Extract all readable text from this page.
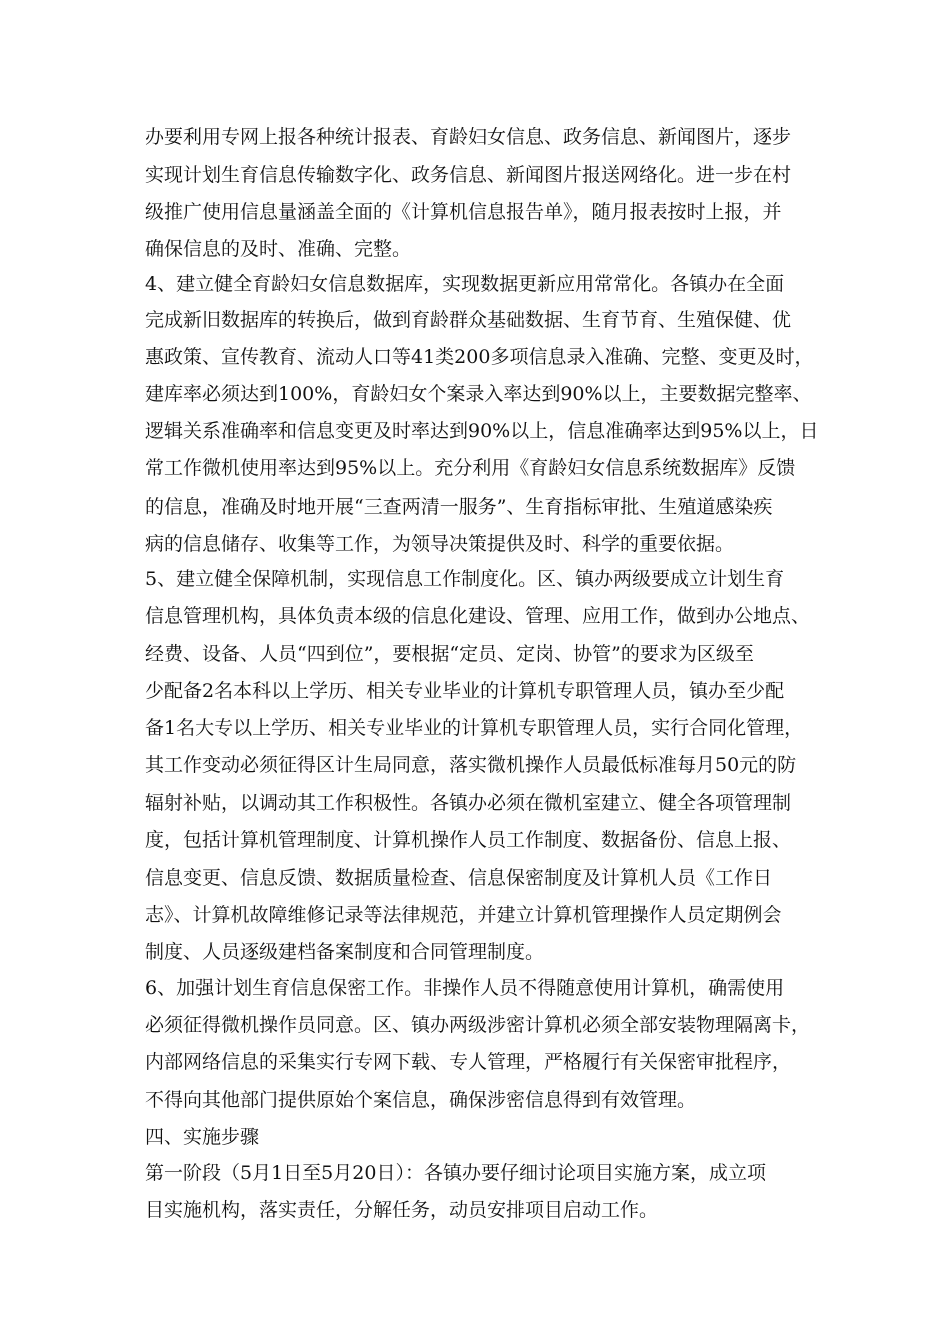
办要利用专网上报各种统计报表、育龄妇女信息、政务信息、新闻图片，逐步
实现计划生育信息传输数字化、政务信息、新闻图片报送网络化。进一步在村
级推广使用信息量涵盖全面的《计算机信息报告单》，随月报表按时上报，并
确保信息的及时、准确、完整。
4、建立健全育龄妇女信息数据库，实现数据更新应用常常化。各镇办在全面
完成新旧数据库的转换后，做到育龄群众基础数据、生育节育、生殖保健、优
惠政策、宣传教育、流动人口等41类200多项信息录入准确、完整、变更及时，
建库率必须达到100%，育龄妇女个案录入率达到90%以上，主要数据完整率、
逻辑关系准确率和信息变更及时率达到90%以上，信息准确率达到95%以上，日
常工作微机使用率达到95%以上。充分利用《育龄妇女信息系统数据库》反馈
的信息，准确及时地开展“三查两清一服务”、生育指标审批、生殖道感染疾
病的信息储存、收集等工作，为领导决策提供及时、科学的重要依据。
5、建立健全保障机制，实现信息工作制度化。区、镇办两级要成立计划生育
信息管理机构，具体负责本级的信息化建设、管理、应用工作，做到办公地点、
经费、设备、人员“四到位”，要根据“定员、定岗、协管”的要求为区级至
少配备2名本科以上学历、相关专业毕业的计算机专职管理人员，镇办至少配
备1名大专以上学历、相关专业毕业的计算机专职管理人员，实行合同化管理，
其工作变动必须征得区计生局同意，落实微机操作人员最低标准每月50元的防
辐射补贴，以调动其工作积极性。各镇办必须在微机室建立、健全各项管理制
度，包括计算机管理制度、计算机操作人员工作制度、数据备份、信息上报、
信息变更、信息反馈、数据质量检查、信息保密制度及计算机人员《工作日
志》、计算机故障维修记录等法律规范，并建立计算机管理操作人员定期例会
制度、人员逐级建档备案制度和合同管理制度。
6、加强计划生育信息保密工作。非操作人员不得随意使用计算机，确需使用
必须征得微机操作员同意。区、镇办两级涉密计算机必须全部安装物理隔离卡，
内部网络信息的采集实行专网下载、专人管理，严格履行有关保密审批程序，
不得向其他部门提供原始个案信息，确保涉密信息得到有效管理。
四、实施步骤
第一阶段（5月1日至5月20日）：各镇办要仔细讨论项目实施方案，成立项
目实施机构，落实责任，分解任务，动员安排项目启动工作。
